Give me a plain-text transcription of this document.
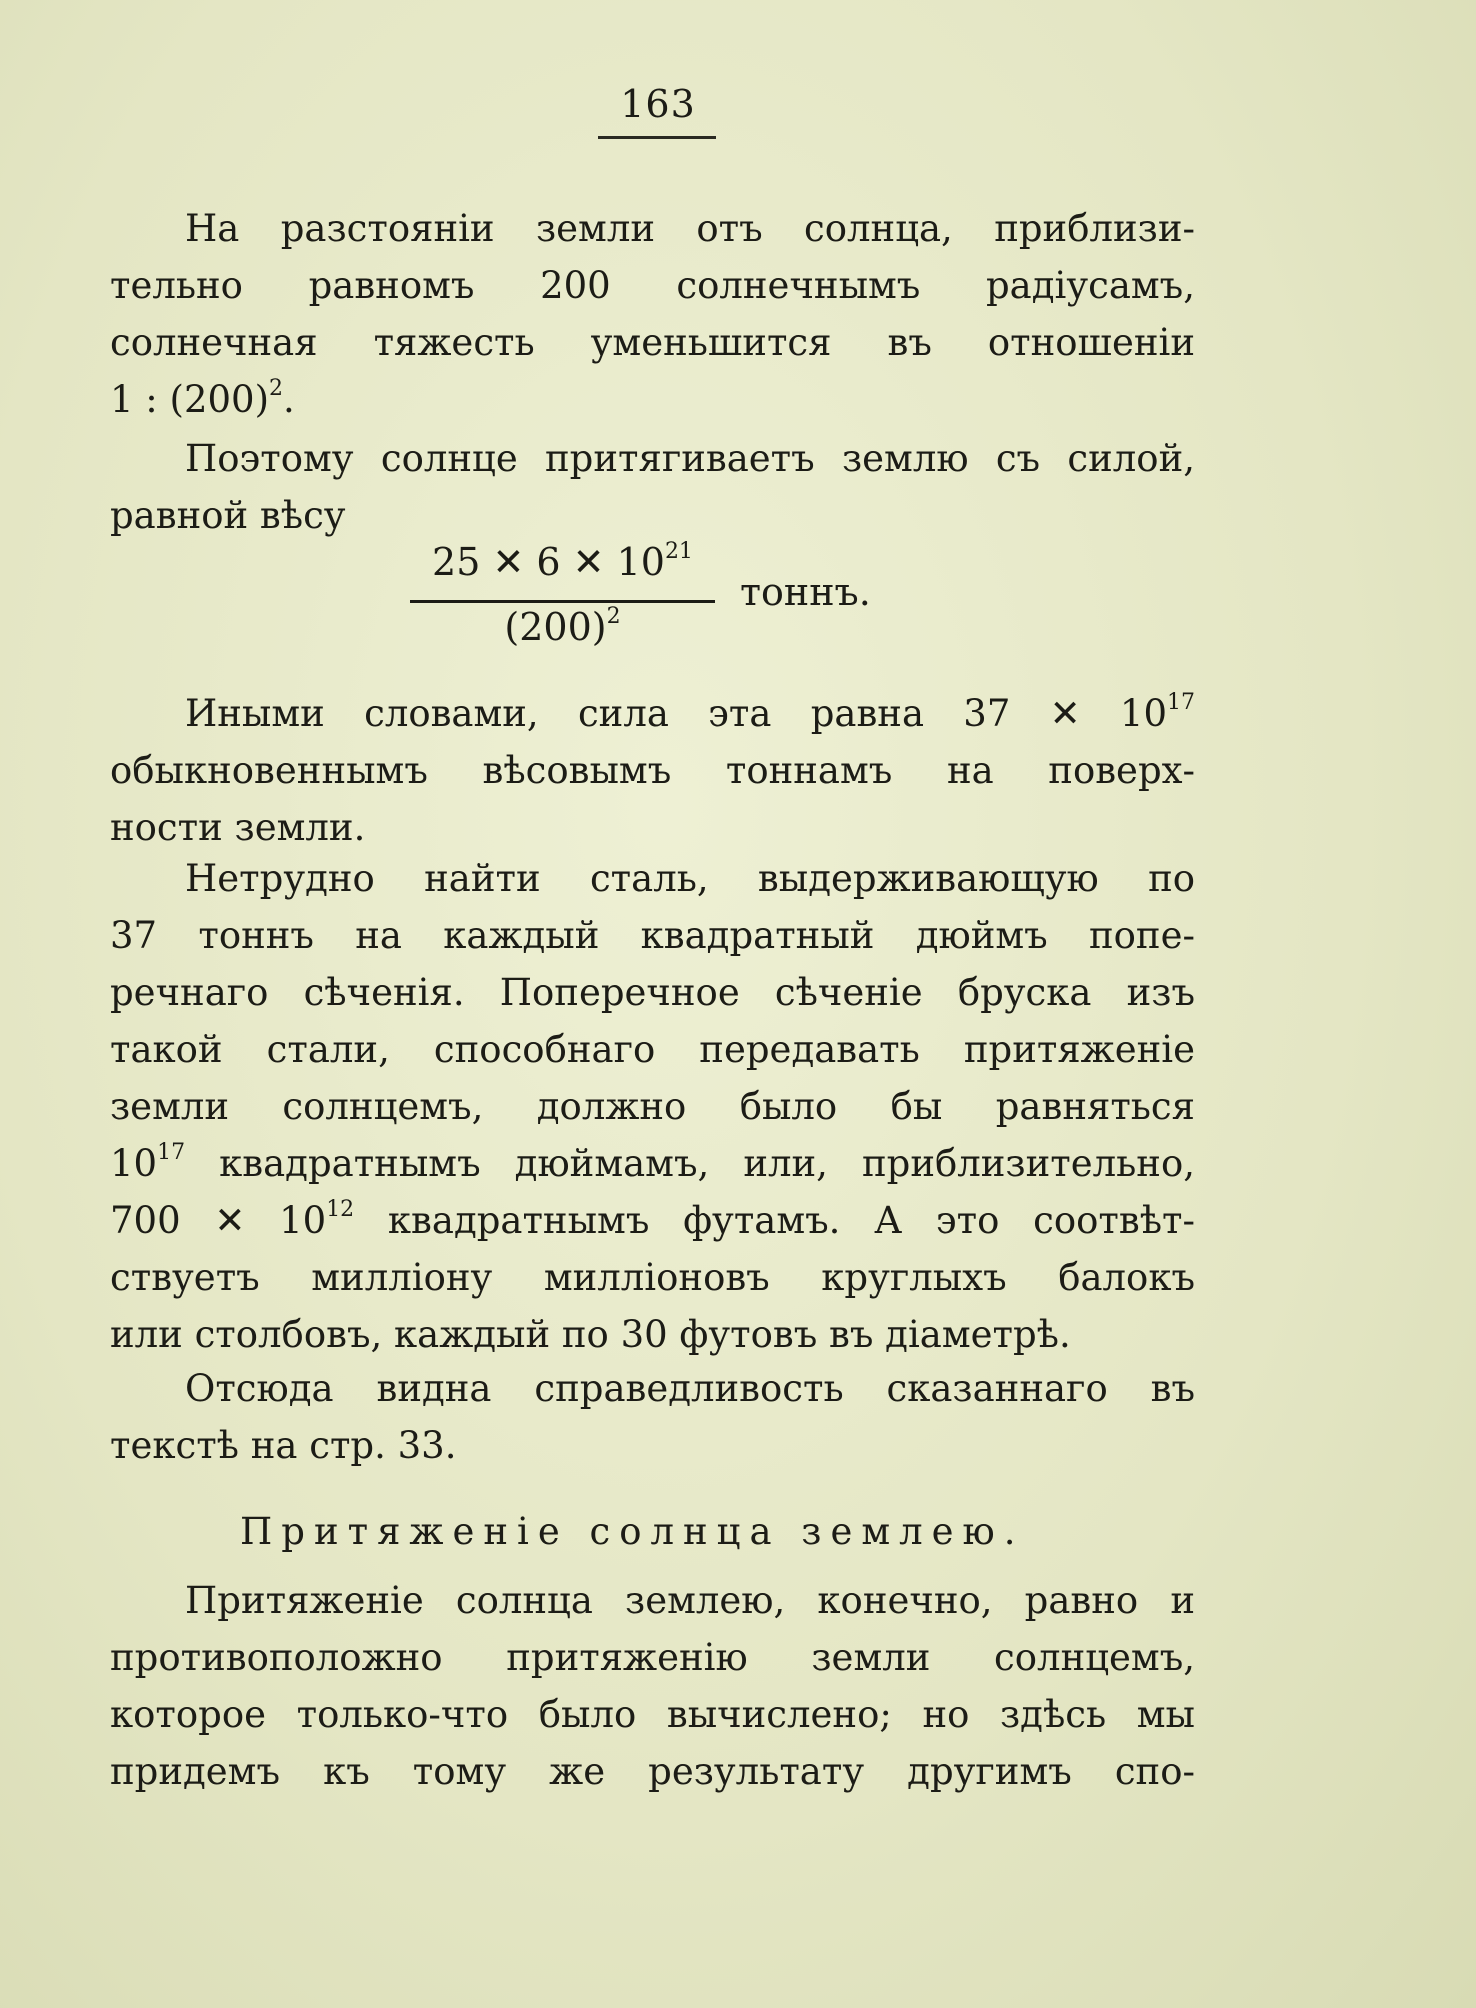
163
На разстояніи земли отъ солнца, приблизи-
тельно равномъ 200 солнечнымъ радіусамъ,
солнечная тяжесть уменьшится въ отношеніи
1 : $(200)^2$.
Поэтому солнце притягиваетъ землю съ силой,
равной вѣсу
25 ✕ 6 ✕ $10^{21}$
$(200)^2$
тоннъ.
Иными словами, сила эта равна 37 ✕ $10^{17}$
обыкновеннымъ вѣсовымъ тоннамъ на поверх-
ности земли.
Нетрудно найти сталь, выдерживающую по
37 тоннъ на каждый квадратный дюймъ попе-
речнаго сѣченія. Поперечное сѣченіе бруска изъ
такой стали, способнаго передавать притяженіе
земли солнцемъ, должно было бы равняться
$10^{17}$ квадратнымъ дюймамъ, или, приблизительно,
700 ✕ $10^{12}$ квадратнымъ футамъ. А это соотвѣт-
ствуетъ милліону милліоновъ круглыхъ балокъ
или столбовъ, каждый по 30 футовъ въ діаметрѣ.
Отсюда видна справедливость сказаннаго въ
текстѣ на стр. 33.
Притяженіе солнца землею.
Притяженіе солнца землею, конечно, равно и
противоположно притяженію земли солнцемъ,
которое только-что было вычислено; но здѣсь мы
придемъ къ тому же результату другимъ спо-
